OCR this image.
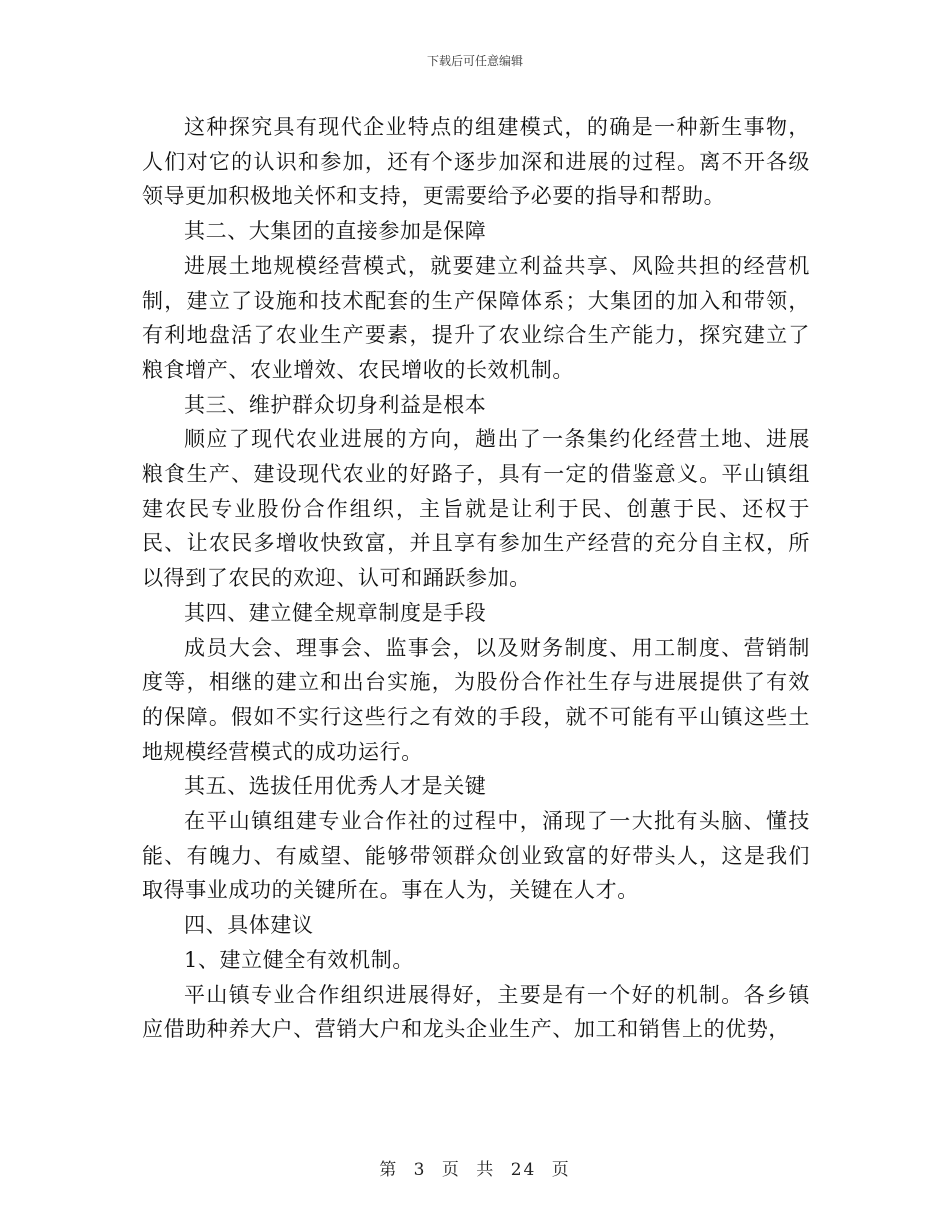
下载后可任意编辑

这种探究具有现代企业特点的组建模式，的确是一种新生事物，人们对它的认识和参加，还有个逐步加深和进展的过程。离不开各级领导更加积极地关怀和支持，更需要给予必要的指导和帮助。

其二、大集团的直接参加是保障

进展土地规模经营模式，就要建立利益共享、风险共担的经营机制，建立了设施和技术配套的生产保障体系；大集团的加入和带领，有利地盘活了农业生产要素，提升了农业综合生产能力，探究建立了粮食增产、农业增效、农民增收的长效机制。

其三、维护群众切身利益是根本

顺应了现代农业进展的方向，趟出了一条集约化经营土地、进展粮食生产、建设现代农业的好路子，具有一定的借鉴意义。平山镇组建农民专业股份合作组织，主旨就是让利于民、创蕙于民、还权于民、让农民多增收快致富，并且享有参加生产经营的充分自主权，所以得到了农民的欢迎、认可和踊跃参加。

其四、建立健全规章制度是手段

成员大会、理事会、监事会，以及财务制度、用工制度、营销制度等，相继的建立和出台实施，为股份合作社生存与进展提供了有效的保障。假如不实行这些行之有效的手段，就不可能有平山镇这些土地规模经营模式的成功运行。

其五、选拔任用优秀人才是关键

在平山镇组建专业合作社的过程中，涌现了一大批有头脑、懂技能、有魄力、有威望、能够带领群众创业致富的好带头人，这是我们取得事业成功的关键所在。事在人为，关键在人才。

四、具体建议

1、建立健全有效机制。

平山镇专业合作组织进展得好，主要是有一个好的机制。各乡镇应借助种养大户、营销大户和龙头企业生产、加工和销售上的优势，

第 3 页 共 24 页
